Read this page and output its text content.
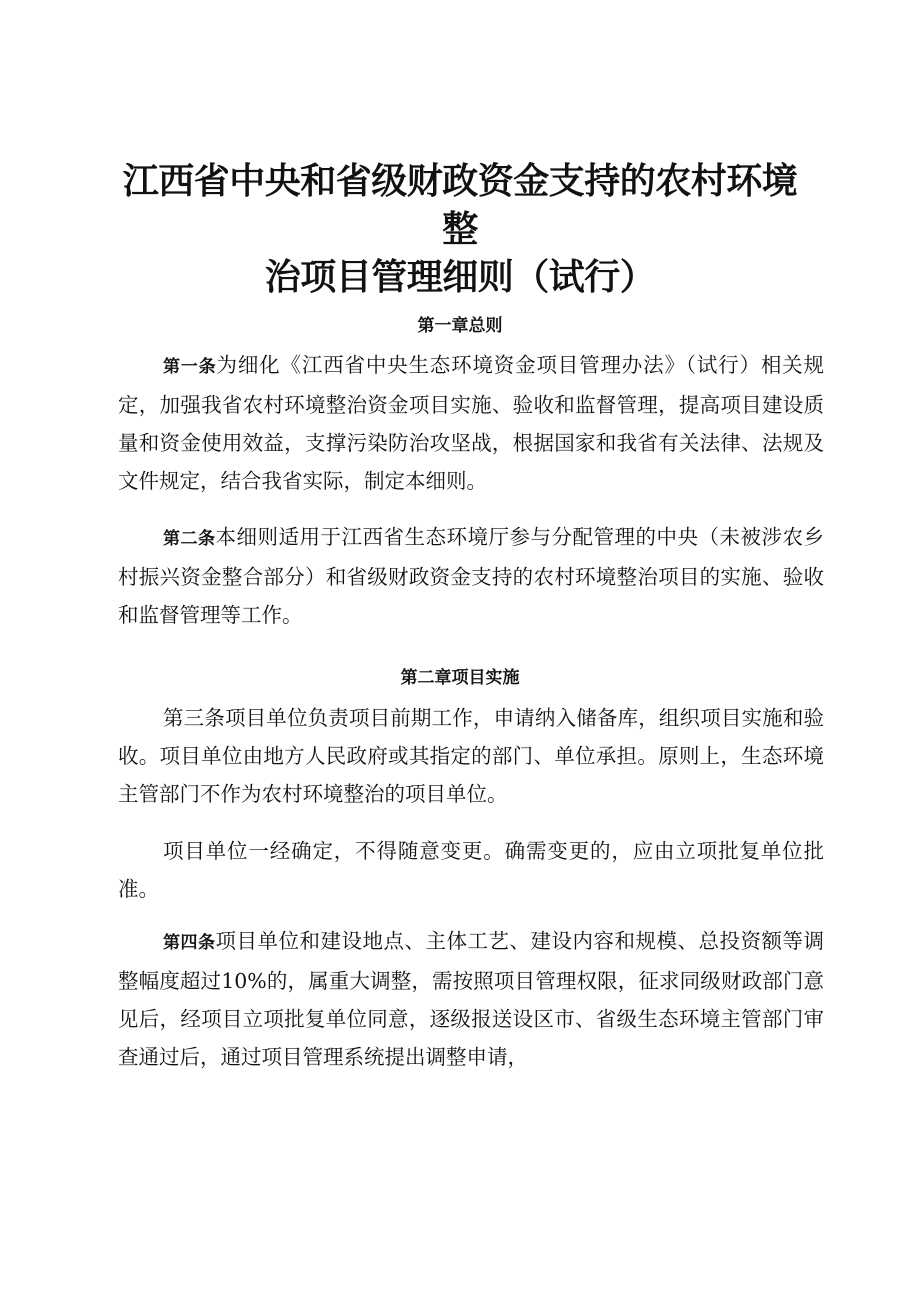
江西省中央和省级财政资金支持的农村环境整
治项目管理细则（试行）
第一章总则

第一条为细化《江西省中央生态环境资金项目管理办法》（试行）相关规定，加强我省农村环境整治资金项目实施、验收和监督管理，提高项目建设质量和资金使用效益，支撑污染防治攻坚战，根据国家和我省有关法律、法规及文件规定，结合我省实际，制定本细则。

第二条本细则适用于江西省生态环境厅参与分配管理的中央（未被涉农乡村振兴资金整合部分）和省级财政资金支持的农村环境整治项目的实施、验收和监督管理等工作。

第二章项目实施

第三条项目单位负责项目前期工作，申请纳入储备库，组织项目实施和验收。项目单位由地方人民政府或其指定的部门、单位承担。原则上，生态环境主管部门不作为农村环境整治的项目单位。

项目单位一经确定，不得随意变更。确需变更的，应由立项批复单位批准。

第四条项目单位和建设地点、主体工艺、建设内容和规模、总投资额等调整幅度超过10%的，属重大调整，需按照项目管理权限，征求同级财政部门意见后，经项目立项批复单位同意，逐级报送设区市、省级生态环境主管部门审查通过后，通过项目管理系统提出调整申请，
